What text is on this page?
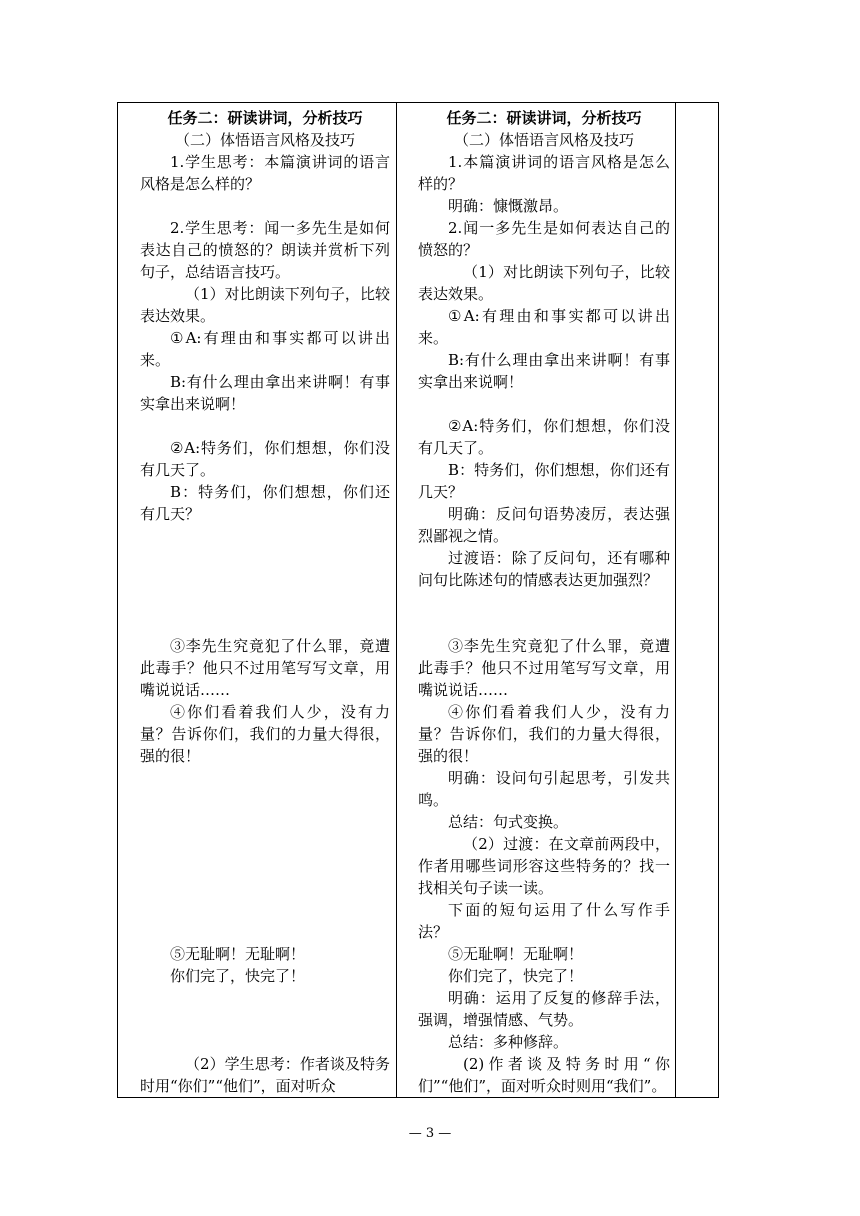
任务二：研读讲词，分析技巧
（二）体悟语言风格及技巧
1.学生思考：本篇演讲词的语言风格是怎么样的？
2.学生思考：闻一多先生是如何表达自己的愤怒的？朗读并赏析下列句子，总结语言技巧。
（1）对比朗读下列句子，比较表达效果。
①A:有理由和事实都可以讲出来。
B:有什么理由拿出来讲啊！有事实拿出来说啊！
②A:特务们，你们想想，你们没有几天了。
B：特务们，你们想想，你们还有几天？
③李先生究竟犯了什么罪，竟遭此毒手？他只不过用笔写写文章，用嘴说说话……
④你们看着我们人少，没有力量？告诉你们，我们的力量大得很，强的很！
⑤无耻啊！无耻啊！
你们完了，快完了！
（2）学生思考：作者谈及特务时用“你们”“他们”，面对听众
任务二：研读讲词，分析技巧
（二）体悟语言风格及技巧
1.本篇演讲词的语言风格是怎么样的？
明确：慷慨激昂。
2.闻一多先生是如何表达自己的愤怒的？
（1）对比朗读下列句子，比较表达效果。
①A:有理由和事实都可以讲出来。
B:有什么理由拿出来讲啊！有事实拿出来说啊！
②A:特务们，你们想想，你们没有几天了。
B：特务们，你们想想，你们还有几天？
明确：反问句语势凌厉，表达强烈鄙视之情。
过渡语：除了反问句，还有哪种问句比陈述句的情感表达更加强烈？
③李先生究竟犯了什么罪，竟遭此毒手？他只不过用笔写写文章，用嘴说说话……
④你们看着我们人少，没有力量？告诉你们，我们的力量大得很，强的很！
明确：设问句引起思考，引发共鸣。
总结：句式变换。
（2）过渡：在文章前两段中，作者用哪些词形容这些特务的？找一找相关句子读一读。
下面的短句运用了什么写作手法？
⑤无耻啊！无耻啊！
你们完了，快完了！
明确：运用了反复的修辞手法，强调，增强情感、气势。
总结：多种修辞。
(2)作者谈及特务时用“你们”“他们”，面对听众时则用“我们”。
— 3 —
